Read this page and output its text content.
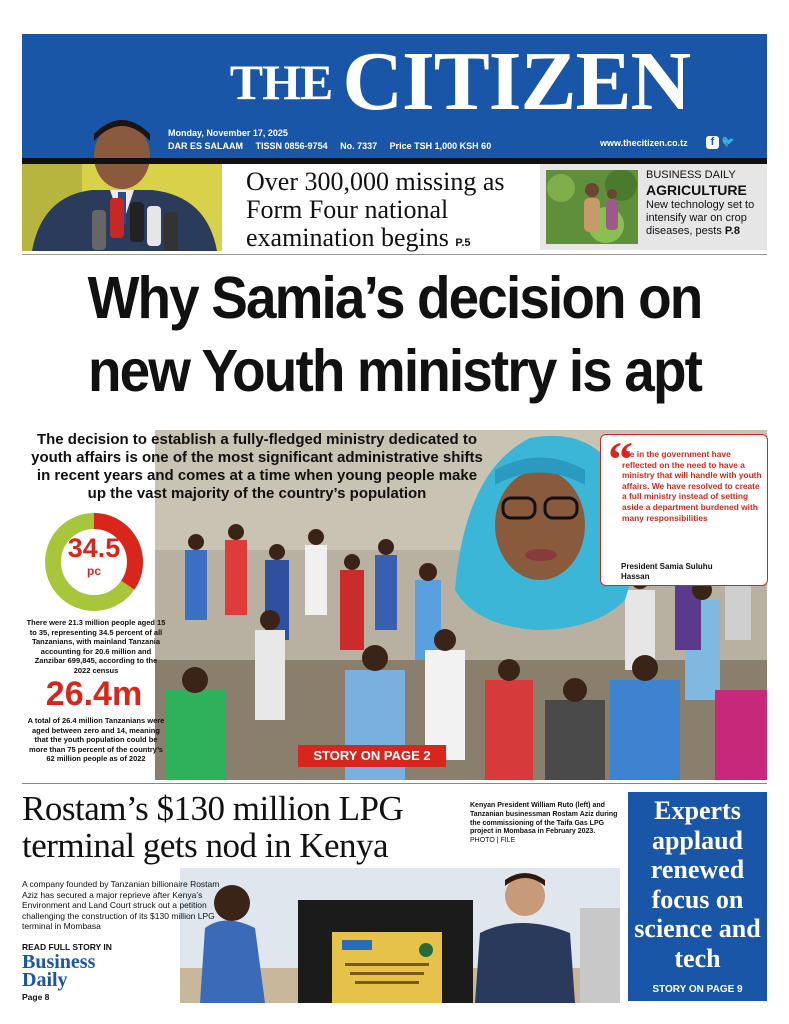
$^{THE}$ CITIZEN
Monday, November 17, 2025
DAR ES SALAAM TISSN 0856-9754 No. 7337 Price TSH 1,000 KSH 60	www.thecitizen.co.tz	f 🐦
Over 300,000 missing as Form Four national examination begins P.5
BUSINESS DAILY
AGRICULTURE
New technology set to intensify war on crop diseases, pests P.8
Why Samia’s decision on
new Youth ministry is apt
The decision to establish a fully-fledged ministry dedicated to youth affairs is one of the most significant administrative shifts in recent years and comes at a time when young people make up the vast majority of the country’s population
34.5
pc
There were 21.3 million people aged 15 to 35, representing 34.5 percent of all Tanzanians, with mainland Tanzania accounting for 20.6 million and Zanzibar 699,845, according to the 2022 census
26.4m
A total of 26.4 million Tanzanians were aged between zero and 14, meaning that the youth population could be more than 75 percent of the country’s 62 million people as of 2022
“
We in the government have reflected on the need to have a ministry that will handle with youth affairs. We have resolved to create a full ministry instead of setting aside a department burdened with many responsibilities
President Samia Suluhu
Hassan
STORY ON PAGE 2
Rostam’s $130 million LPG terminal gets nod in Kenya
Kenyan President William Ruto (left) and Tanzanian businessman Rostam Aziz during the commissioning of the Taifa Gas LPG project in Mombasa in February 2023. PHOTO | FILE
A company founded by Tanzanian billionaire Rostam Aziz has secured a major reprieve after Kenya’s Environment and Land Court struck out a petition challenging the construction of its $130 million LPG terminal in Mombasa
READ FULL STORY IN
Business
Daily
Page 8
Experts applaud renewed focus on science and tech
STORY ON PAGE 9
